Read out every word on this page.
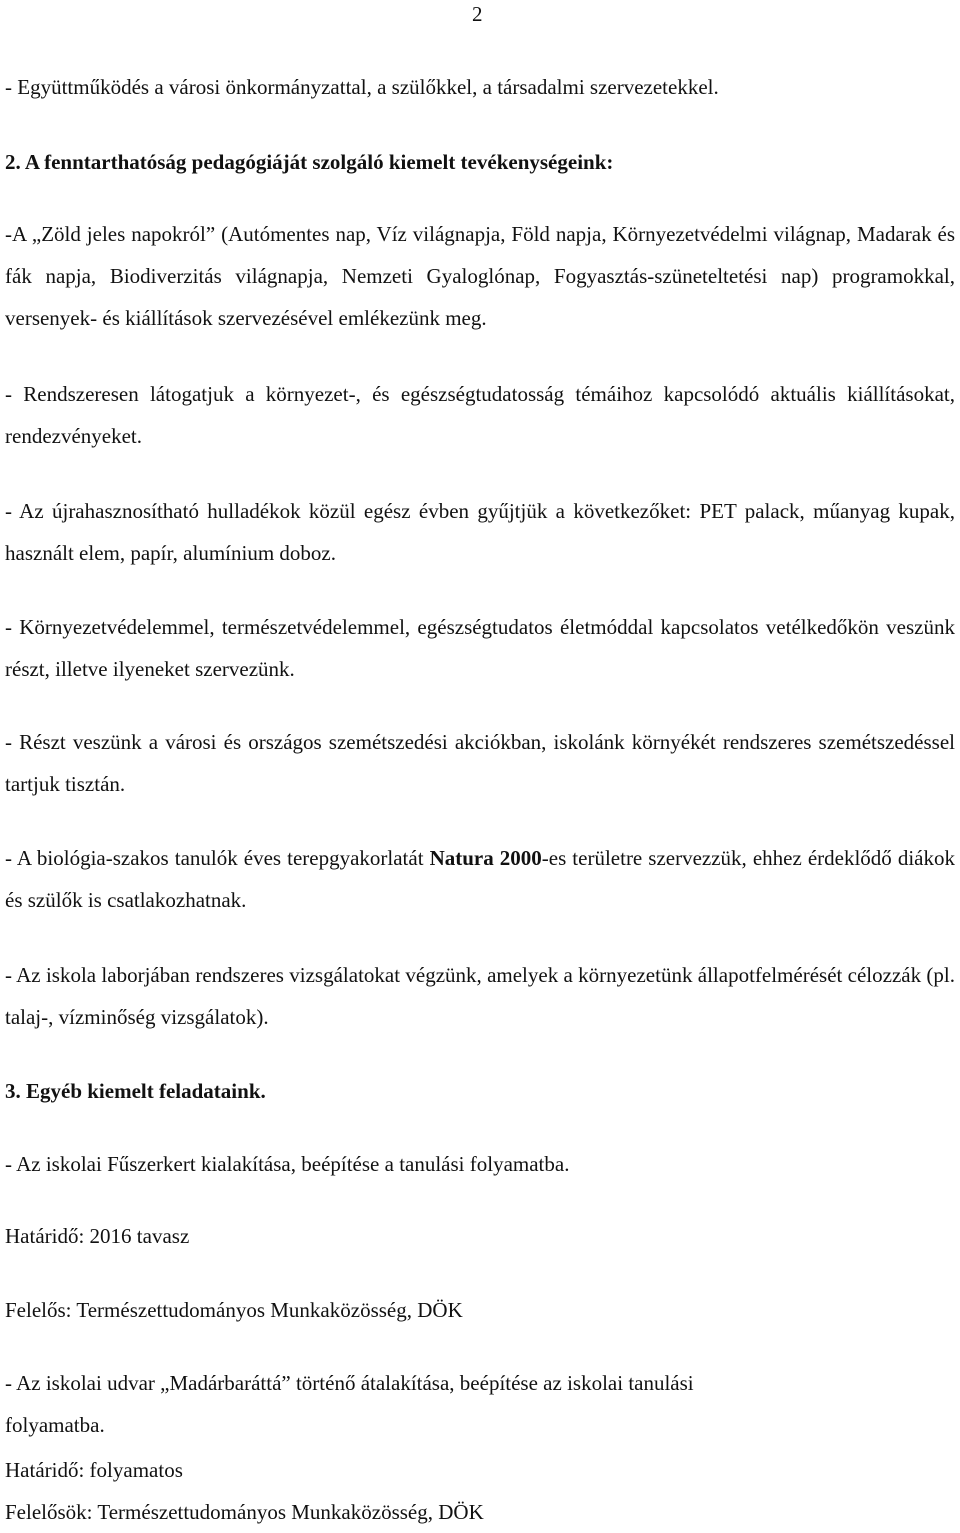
2
- Együttműködés a városi önkormányzattal, a szülőkkel, a társadalmi szervezetekkel.
2. A fenntarthatóság pedagógiáját szolgáló kiemelt tevékenységeink:
-A „Zöld jeles napokról” (Autómentes nap, Víz világnapja, Föld napja, Környezetvédelmi világnap, Madarak és fák napja, Biodiverzitás világnapja, Nemzeti Gyaloglónap, Fogyasztás-szüneteltetési nap) programokkal, versenyek- és kiállítások szervezésével emlékezünk meg.
- Rendszeresen látogatjuk a környezet-, és egészségtudatosság témáihoz kapcsolódó aktuális kiállításokat, rendezvényeket.
- Az újrahasznosítható hulladékok közül egész évben gyűjtjük a következőket: PET palack, műanyag kupak, használt elem, papír, alumínium doboz.
- Környezetvédelemmel, természetvédelemmel, egészségtudatos életmóddal kapcsolatos vetélkedőkön veszünk részt, illetve ilyeneket szervezünk.
- Részt veszünk a városi és országos szemétszedési akciókban, iskolánk környékét rendszeres szemétszedéssel tartjuk tisztán.
- A biológia-szakos tanulók éves terepgyakorlatát Natura 2000-es területre szervezzük, ehhez érdeklődő diákok és szülők is csatlakozhatnak.
- Az iskola laborjában rendszeres vizsgálatokat végzünk, amelyek a környezetünk állapotfelmérését célozzák (pl. talaj-, vízminőség vizsgálatok).
3. Egyéb kiemelt feladataink.
- Az iskolai Fűszerkert kialakítása, beépítése a tanulási folyamatba.
Határidő: 2016 tavasz
Felelős: Természettudományos Munkaközösség, DÖK
- Az iskolai udvar „Madárbaráttá” történő átalakítása, beépítése az iskolai tanulási
folyamatba.
Határidő: folyamatos
Felelősök: Természettudományos Munkaközösség, DÖK
